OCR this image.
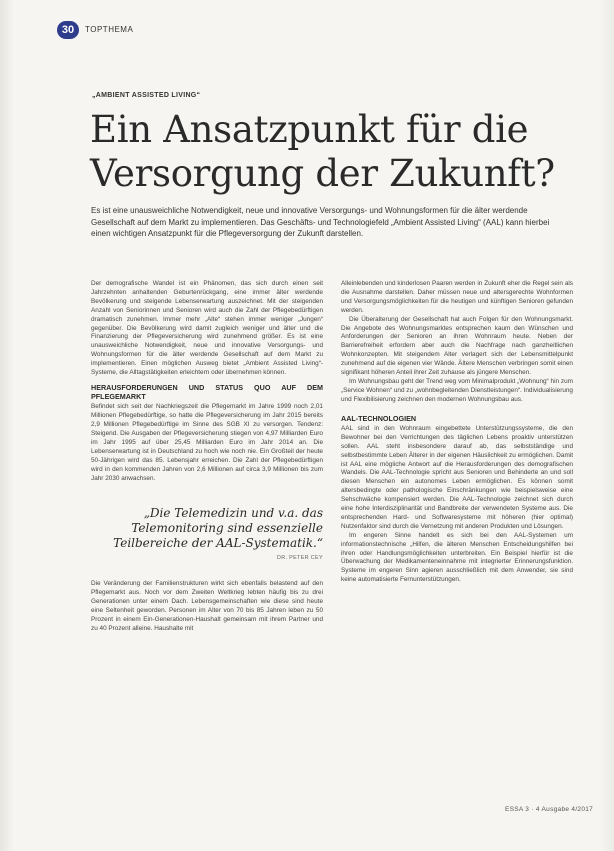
30 TOPTHEMA
„AMBIENT ASSISTED LIVING“
Ein Ansatzpunkt für die
Versorgung der Zukunft?
Es ist eine unausweichliche Notwendigkeit, neue und innovative Versorgungs- und Wohnungsformen für die älter werdende Gesellschaft auf dem Markt zu implementieren. Das Geschäfts- und Technologiefeld „Ambient Assisted Living“ (AAL) kann hierbei einen wichtigen Ansatzpunkt für die Pflegeversorgung der Zukunft darstellen.

Der demografische Wandel ist ein Phänomen, das sich durch einen seit Jahrzehnten anhaltenden Geburtenrückgang, eine immer älter werdende Bevölkerung und steigende Lebenserwartung auszeichnet. Mit der steigenden Anzahl von Seniorinnen und Senioren wird auch die Zahl der Pflegebedürftigen dramatisch zunehmen. Immer mehr „Alte“ stehen immer weniger „Jungen“ gegenüber. Die Bevölkerung wird damit zugleich weniger und älter und die Finanzierung der Pflegeversicherung wird zunehmend größer. Es ist eine unausweichliche Notwendigkeit, neue und innovative Versorgungs- und Wohnungsformen für die älter werdende Gesellschaft auf dem Markt zu implementieren. Einen möglichen Ausweg bietet „Ambient Assisted Living“-Systeme, die Alltagstätigkeiten erleichtern oder übernehmen können.

HERAUSFORDERUNGEN UND STATUS QUO AUF DEM PFLEGEMARKT

Befindet sich seit der Nachkriegszeit die Pflegemarkt im Jahre 1999 noch 2,01 Millionen Pflegebedürftige, so hatte die Pflegeversicherung im Jahr 2015 bereits 2,9 Millionen Pflegebedürftige im Sinne des SGB XI zu versorgen. Tendenz: Steigend. Die Ausgaben der Pflegeversicherung stiegen von 4,97 Milliarden Euro im Jahr 1995 auf über 25,45 Milliarden Euro im Jahr 2014 an. Die Lebenserwartung ist in Deutschland zu hoch wie noch nie. Ein Großteil der heute 50-Jährigen wird das 85. Lebensjahr erreichen. Die Zahl der Pflegebedürftigen wird in den kommenden Jahren von 2,6 Millionen auf circa 3,9 Millionen bis zum Jahr 2030 anwachsen.

„Die Telemedizin und v.a. das Telemonitoring sind essenzielle Teilbereiche der AAL-Systematik.“
DR. PETER CEY

Die Veränderung der Familienstrukturen wirkt sich ebenfalls belastend auf den Pflegemarkt aus. Noch vor dem Zweiten Weltkrieg lebten häufig bis zu drei Generationen unter einem Dach. Lebensgemeinschaften wie diese sind heute eine Seltenheit geworden. Personen im Alter von 70 bis 85 Jahren leben zu 50 Prozent in einem Ein-Generationen-Haushalt gemeinsam mit ihrem Partner und zu 40 Prozent alleine. Haushalte mit

Alleinlebenden und kinderlosen Paaren werden in Zukunft eher die Regel sein als die Ausnahme darstellen. Daher müssen neue und altersgerechte Wohnformen und Versorgungsmöglichkeiten für die heutigen und künftigen Senioren gefunden werden.

Die Überalterung der Gesellschaft hat auch Folgen für den Wohnungsmarkt. Die Angebote des Wohnungsmarktes entsprechen kaum den Wünschen und Anforderungen der Senioren an ihren Wohnraum heute. Neben der Barrierefreiheit erfordern aber auch die Nachfrage nach ganzheitlichen Wohnkonzepten. Mit steigendem Alter verlagert sich der Lebensmittelpunkt zunehmend auf die eigenen vier Wände. Ältere Menschen verbringen somit einen signifikant höheren Anteil ihrer Zeit zuhause als jüngere Menschen.

Im Wohnungsbau geht der Trend weg vom Minimalprodukt „Wohnung“ hin zum „Service Wohnen“ und zu „wohnbegleitenden Dienstleistungen“. Individualisierung und Flexibilisierung zeichnen den modernen Wohnungsbau aus.

AAL-TECHNOLOGIEN

AAL sind in den Wohnraum eingebettete Unterstützungssysteme, die den Bewohner bei den Verrichtungen des täglichen Lebens proaktiv unterstützen sollen. AAL steht insbesondere darauf ab, das selbstständige und selbstbestimmte Leben Älterer in der eigenen Häuslichkeit zu ermöglichen. Damit ist AAL eine mögliche Antwort auf die Herausforderungen des demografischen Wandels. Die AAL-Technologie spricht aus Senioren und Behinderte an und soll diesen Menschen ein autonomes Leben ermöglichen. Es können somit altersbedingte oder pathologische Einschränkungen wie beispielsweise eine Sehschwäche kompensiert werden. Die AAL-Technologie zeichnet sich durch eine hohe Interdisziplinarität und Bandbreite der verwendeten Systeme aus. Die entsprechenden Hard- und Softwaresysteme mit höheren (hier optimal) Nutzenfaktor sind durch die Vernetzung mit anderen Produkten und Lösungen.

Im engeren Sinne handelt es sich bei den AAL-Systemen um informationstechnische „Hilfen, die älteren Menschen Entscheidungshilfen bei ihren oder Handlungsmöglichkeiten unterbreiten. Ein Beispiel hierfür ist die Überwachung der Medikamenteneinnahme mit integrierter Erinnerungsfunktion. Systeme im engeren Sinn agieren ausschließlich mit dem Anwender, sie sind keine automatisierte Fernunterstützungen.

ESSA 3 · 4 Ausgabe 4/2017
